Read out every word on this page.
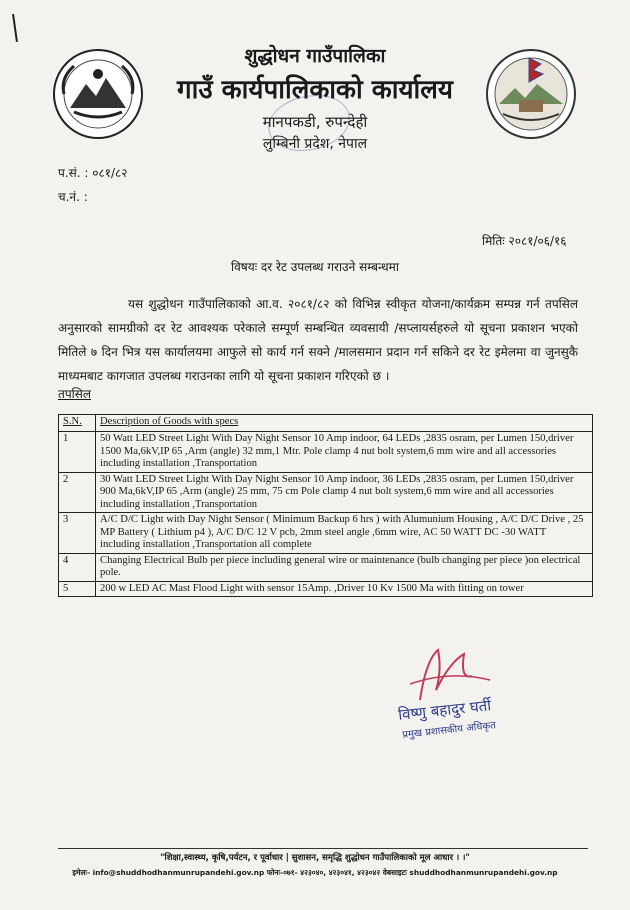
शुद्धोधन गाउँपालिका
गाउँ कार्यपालिकाको कार्यालय
मानपकडी, रुपन्देही
लुम्बिनी प्रदेश, नेपाल
प.सं. : ०८१/८२
च.नं. :
मितिः २०८१/०६/१६
विषयः दर रेट उपलब्ध गराउने सम्बन्धमा

यस शुद्धोधन गाउँपालिकाको आ.व. २०८१/८२ को विभिन्न स्वीकृत योजना/कार्यक्रम सम्पन्न गर्न तपसिल अनुसारको सामग्रीको दर रेट आवश्यक परेकाले सम्पूर्ण सम्बन्धित व्यवसायी /सप्लायर्सहरुले यो सूचना प्रकाशन भएको मितिले ७ दिन भित्र यस कार्यालयमा आफुले सो कार्य गर्न सक्ने /मालसमान प्रदान गर्न सकिने दर रेट इमेलमा वा जुनसुकै माध्यमबाट कागजात उपलब्ध गराउनका लागि यो सूचना प्रकाशन गरिएको छ ।

तपसिल
S.N.	Description of Goods with specs
1	50 Watt LED Street Light With Day Night Sensor 10 Amp indoor, 64 LEDs ,2835 osram, per Lumen 150,driver 1500 Ma,6kV,IP 65 ,Arm (angle) 32 mm,1 Mtr. Pole clamp 4 nut bolt system,6 mm wire and all accessories including installation ,Transportation
2	30 Watt LED Street Light With Day Night Sensor 10 Amp indoor, 36 LEDs ,2835 osram, per Lumen 150,driver 900 Ma,6kV,IP 65 ,Arm (angle) 25 mm, 75 cm Pole clamp 4 nut bolt system,6 mm wire and all accessories including installation ,Transportation
3	A/C D/C Light with Day Night Sensor ( Minimum Backup 6 hrs ) with Alumunium Housing , A/C D/C Drive , 25 MP Battery ( Lithium p4 ), A/C D/C 12 V pcb, 2mm steel angle ,6mm wire, AC 50 WATT DC -30 WATT including installation ,Transportation all complete
4	Changing Electrical Bulb per piece including general wire or maintenance (bulb changing per piece )on electrical pole.
5	200 w LED AC Mast Flood Light with sensor 15Amp. ,Driver 10 Kv 1500 Ma with fitting on tower
विष्णु बहादुर घर्ती
प्रमुख प्रशासकीय अधिकृत
"शिक्षा,स्वास्थ्य, कृषि,पर्यटन, र पूर्वाधार | सुशासन, समृद्धि शुद्धोधन गाउँपालिकाको मूल आधार । ।"
इमेलः- info@shuddhodhanmunrupandehi.gov.np फोनः-०७१- ४२३०४०, ४२३०४१, ४२३०४२ वेबसाइटः shuddhodhanmunrupandehi.gov.np
